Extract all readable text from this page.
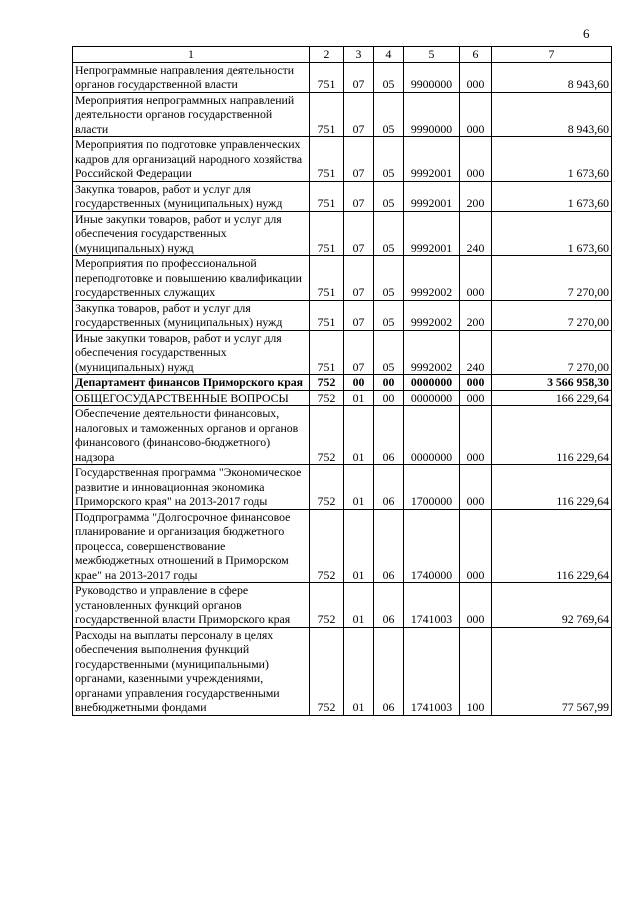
6
1	2	3	4	5	6	7
Непрограммные направления деятельности органов государственной власти	751	07	05	9900000	000	8 943,60
Мероприятия непрограммных направлений деятельности органов государственной власти	751	07	05	9990000	000	8 943,60
Мероприятия по подготовке управленческих кадров для организаций народного хозяйства Российской Федерации	751	07	05	9992001	000	1 673,60
Закупка товаров, работ и услуг для государственных (муниципальных) нужд	751	07	05	9992001	200	1 673,60
Иные закупки товаров, работ и услуг для обеспечения государственных (муниципальных) нужд	751	07	05	9992001	240	1 673,60
Мероприятия по профессиональной переподготовке и повышению квалификации государственных служащих	751	07	05	9992002	000	7 270,00
Закупка товаров, работ и услуг для государственных (муниципальных) нужд	751	07	05	9992002	200	7 270,00
Иные закупки товаров, работ и услуг для обеспечения государственных (муниципальных) нужд	751	07	05	9992002	240	7 270,00
Департамент финансов Приморского края	752	00	00	0000000	000	3 566 958,30
ОБЩЕГОСУДАРСТВЕННЫЕ ВОПРОСЫ	752	01	00	0000000	000	166 229,64
Обеспечение деятельности финансовых, налоговых и таможенных органов и органов финансового (финансово-бюджетного) надзора	752	01	06	0000000	000	116 229,64
Государственная программа "Экономическое развитие и инновационная экономика Приморского края" на 2013-2017 годы	752	01	06	1700000	000	116 229,64
Подпрограмма "Долгосрочное финансовое планирование и организация бюджетного процесса, совершенствование межбюджетных отношений в Приморском крае" на 2013-2017 годы	752	01	06	1740000	000	116 229,64
Руководство и управление в сфере установленных функций органов государственной власти Приморского края	752	01	06	1741003	000	92 769,64
Расходы на выплаты персоналу в целях обеспечения выполнения функций государственными (муниципальными) органами, казенными учреждениями, органами управления государственными внебюджетными фондами	752	01	06	1741003	100	77 567,99
